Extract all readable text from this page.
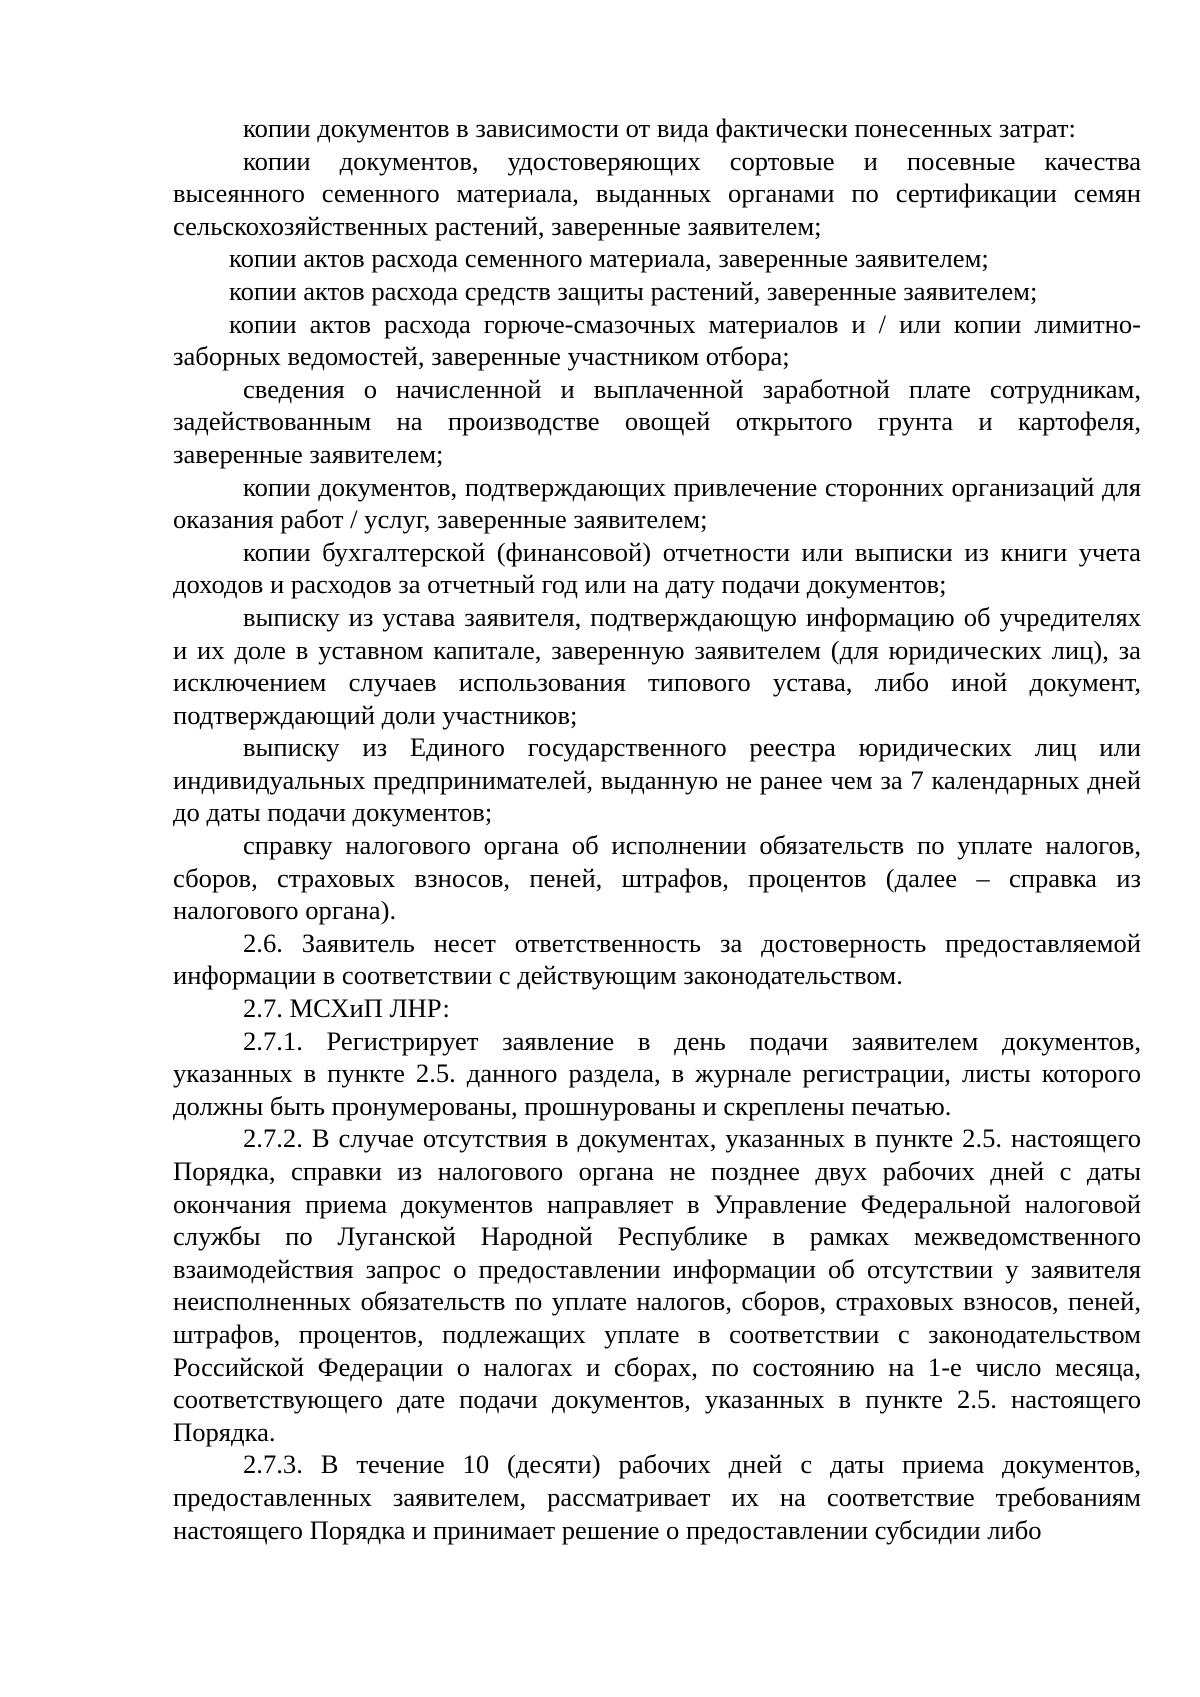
копии документов в зависимости от вида фактически понесенных затрат:

копии документов, удостоверяющих сортовые и посевные качества высеянного семенного материала, выданных органами по сертификации семян сельскохозяйственных растений, заверенные заявителем;

копии актов расхода семенного материала, заверенные заявителем;

копии актов расхода средств защиты растений, заверенные заявителем;

копии актов расхода горюче-смазочных материалов и / или копии лимитно-заборных ведомостей, заверенные участником отбора;

сведения о начисленной и выплаченной заработной плате сотрудникам, задействованным на производстве овощей открытого грунта и картофеля, заверенные заявителем;

копии документов, подтверждающих привлечение сторонних организаций для оказания работ / услуг, заверенные заявителем;

копии бухгалтерской (финансовой) отчетности или выписки из книги учета доходов и расходов за отчетный год или на дату подачи документов;

выписку из устава заявителя, подтверждающую информацию об учредителях и их доле в уставном капитале, заверенную заявителем (для юридических лиц), за исключением случаев использования типового устава, либо иной документ, подтверждающий доли участников;

выписку из Единого государственного реестра юридических лиц или индивидуальных предпринимателей, выданную не ранее чем за 7 календарных дней до даты подачи документов;

справку налогового органа об исполнении обязательств по уплате налогов, сборов, страховых взносов, пеней, штрафов, процентов (далее – справка из налогового органа).

2.6. Заявитель несет ответственность за достоверность предоставляемой информации в соответствии с действующим законодательством.

2.7. МСХиП ЛНР:

2.7.1. Регистрирует заявление в день подачи заявителем документов, указанных в пункте 2.5. данного раздела, в журнале регистрации, листы которого должны быть пронумерованы, прошнурованы и скреплены печатью.

2.7.2. В случае отсутствия в документах, указанных в пункте 2.5. настоящего Порядка, справки из налогового органа не позднее двух рабочих дней с даты окончания приема документов направляет в Управление Федеральной налоговой службы по Луганской Народной Республике в рамках межведомственного взаимодействия запрос о предоставлении информации об отсутствии у заявителя неисполненных обязательств по уплате налогов, сборов, страховых взносов, пеней, штрафов, процентов, подлежащих уплате в соответствии с законодательством Российской Федерации о налогах и сборах, по состоянию на 1-е число месяца, соответствующего дате подачи документов, указанных в пункте 2.5. настоящего Порядка.

2.7.3. В течение 10 (десяти) рабочих дней с даты приема документов, предоставленных заявителем, рассматривает их на соответствие требованиям настоящего Порядка и принимает решение о предоставлении субсидии либо
